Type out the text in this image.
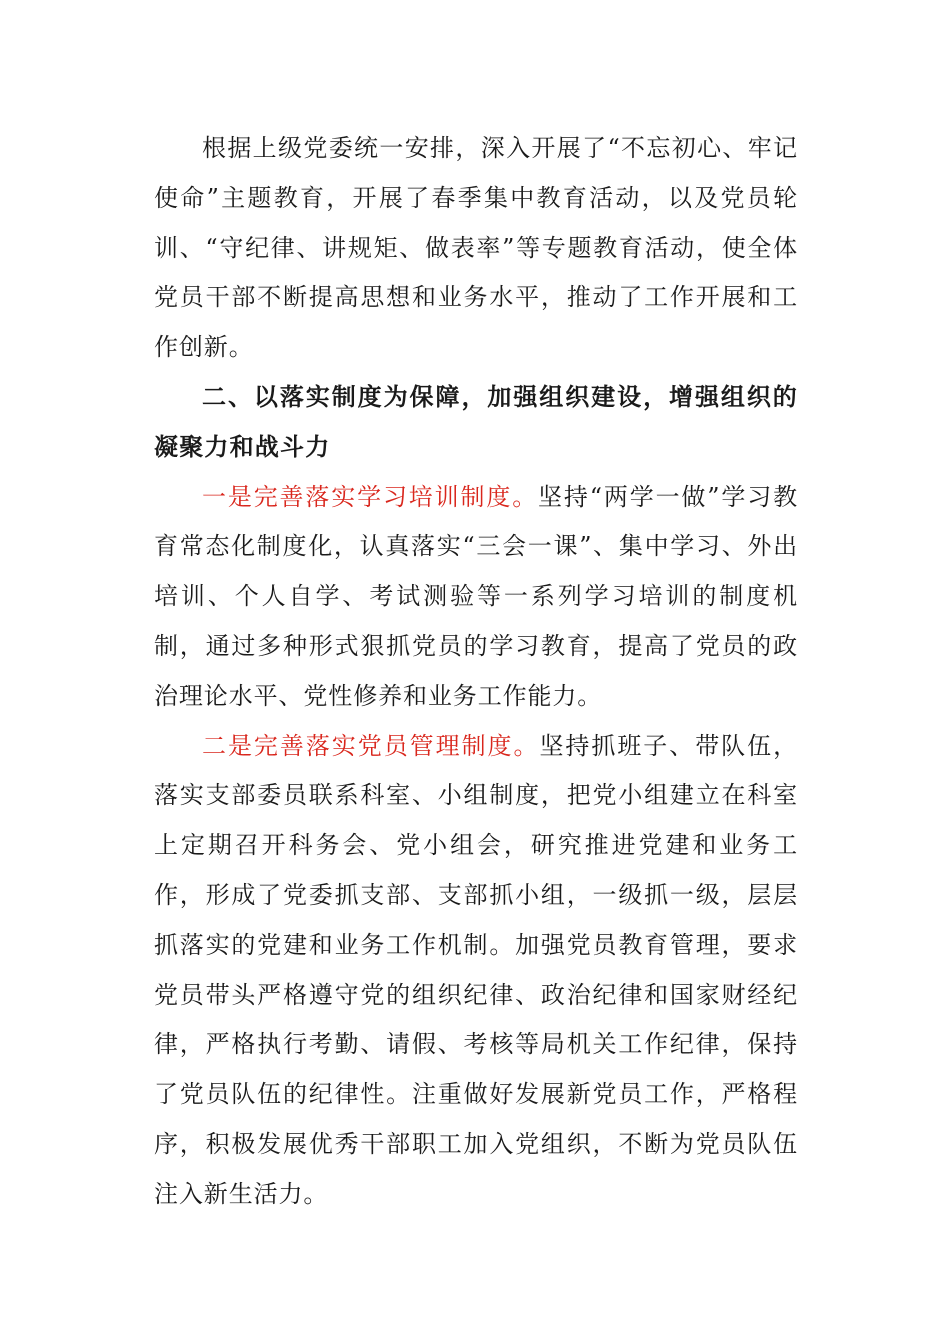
根据上级党委统一安排，深入开展了“不忘初心、牢记使命”主题教育，开展了春季集中教育活动，以及党员轮训、“守纪律、讲规矩、做表率”等专题教育活动，使全体党员干部不断提高思想和业务水平，推动了工作开展和工作创新。

二、以落实制度为保障，加强组织建设，增强组织的凝聚力和战斗力

一是完善落实学习培训制度。坚持“两学一做”学习教育常态化制度化，认真落实“三会一课”、集中学习、外出培训、个人自学、考试测验等一系列学习培训的制度机制，通过多种形式狠抓党员的学习教育，提高了党员的政治理论水平、党性修养和业务工作能力。

二是完善落实党员管理制度。坚持抓班子、带队伍，落实支部委员联系科室、小组制度，把党小组建立在科室上定期召开科务会、党小组会，研究推进党建和业务工作，形成了党委抓支部、支部抓小组，一级抓一级，层层抓落实的党建和业务工作机制。加强党员教育管理，要求党员带头严格遵守党的组织纪律、政治纪律和国家财经纪律，严格执行考勤、请假、考核等局机关工作纪律，保持了党员队伍的纪律性。注重做好发展新党员工作，严格程序，积极发展优秀干部职工加入党组织，不断为党员队伍注入新生活力。
